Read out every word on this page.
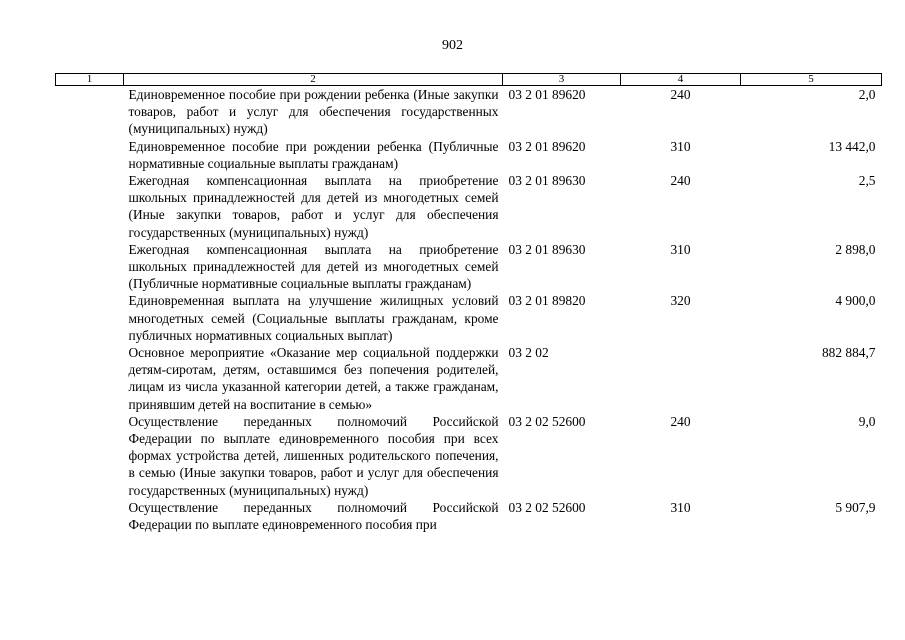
902
1	2	3	4	5
	Единовременное пособие при рождении ребенка (Иные закупки товаров, работ и услуг для обеспечения государственных (муниципальных) нужд)	03 2 01 89620	240	2,0
	Единовременное пособие при рождении ребенка (Публичные нормативные социальные выплаты гражданам)	03 2 01 89620	310	13 442,0
	Ежегодная компенсационная выплата на приобретение школьных принадлежностей для детей из многодетных семей (Иные закупки товаров, работ и услуг для обеспечения государственных (муниципальных) нужд)	03 2 01 89630	240	2,5
	Ежегодная компенсационная выплата на приобретение школьных принадлежностей для детей из многодетных семей (Публичные нормативные социальные выплаты гражданам)	03 2 01 89630	310	2 898,0
	Единовременная выплата на улучшение жилищных условий многодетных семей (Социальные выплаты гражданам, кроме публичных нормативных социальных выплат)	03 2 01 89820	320	4 900,0
	Основное мероприятие «Оказание мер социальной поддержки детям-сиротам, детям, оставшимся без попечения родителей, лицам из числа указанной категории детей, а также гражданам, принявшим детей на воспитание в семью»	03 2 02		882 884,7
	Осуществление переданных полномочий Российской Федерации по выплате единовременного пособия при всех формах устройства детей, лишенных родительского попечения, в семью (Иные закупки товаров, работ и услуг для обеспечения государственных (муниципальных) нужд)	03 2 02 52600	240	9,0
	Осуществление переданных полномочий Российской Федерации по выплате единовременного пособия при	03 2 02 52600	310	5 907,9
